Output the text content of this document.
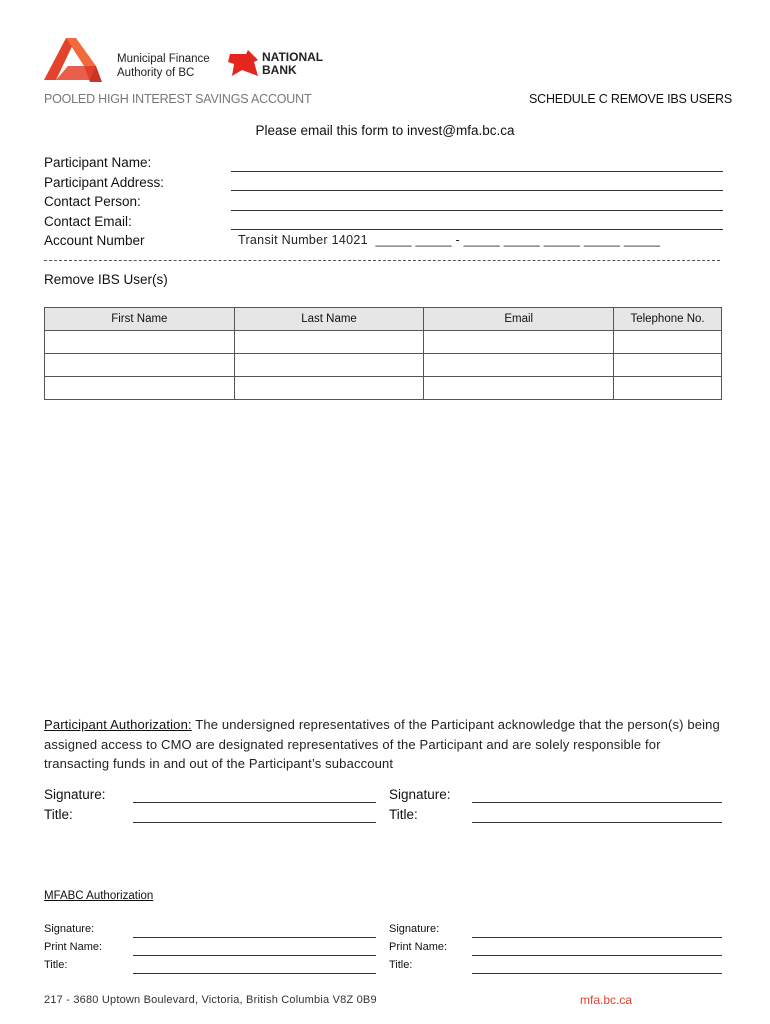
Municipal Finance
Authority of BC
NATIONAL
BANK
POOLED HIGH INTEREST SAVINGS ACCOUNT	SCHEDULE C REMOVE IBS USERS
Please email this form to invest@mfa.bc.ca
Participant Name:
Participant Address:
Contact Person:
Contact Email:
Account Number	Transit Number 14021  _____ _____ - _____ _____ _____ _____ _____
Remove IBS User(s)
First Name	Last Name	Email	Telephone No.

Participant Authorization: The undersigned representatives of the Participant acknowledge that the person(s) being assigned access to CMO are designated representatives of the Participant and are solely responsible for transacting funds in and out of the Participant’s subaccount
Signature:
Title:
Signature:
Title:
MFABC Authorization
Signature:
Print Name:
Title:
Signature:
Print Name:
Title:
217 - 3680 Uptown Boulevard, Victoria, British Columbia V8Z 0B9	mfa.bc.ca
